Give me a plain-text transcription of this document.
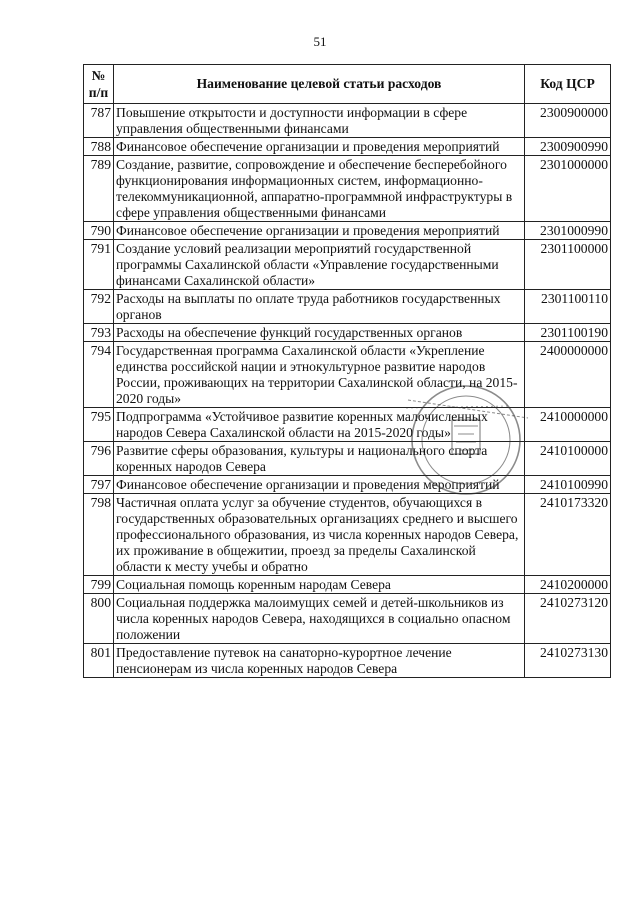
51
№ п/п	Наименование целевой статьи расходов	Код ЦСР
787	Повышение открытости и доступности информации в сфере управления общественными финансами	2300900000
788	Финансовое обеспечение организации и проведения мероприятий	2300900990
789	Создание, развитие, сопровождение и обеспечение бесперебойного функционирования информационных систем, информационно-телекоммуникационной, аппаратно-программной инфраструктуры в сфере управления общественными финансами	2301000000
790	Финансовое обеспечение организации и проведения мероприятий	2301000990
791	Создание условий реализации мероприятий государственной программы Сахалинской области «Управление государственными финансами Сахалинской области»	2301100000
792	Расходы на выплаты по оплате труда работников государственных органов	2301100110
793	Расходы на обеспечение функций государственных органов	2301100190
794	Государственная программа Сахалинской области «Укрепление единства российской нации и этнокультурное развитие народов России, проживающих на территории Сахалинской области, на 2015-2020 годы»	2400000000
795	Подпрограмма «Устойчивое развитие коренных малочисленных народов Севера Сахалинской области на 2015-2020 годы»	2410000000
796	Развитие сферы образования, культуры и национального спорта коренных народов Севера	2410100000
797	Финансовое обеспечение организации и проведения мероприятий	2410100990
798	Частичная оплата услуг за обучение студентов, обучающихся в государственных образовательных организациях среднего и высшего профессионального образования, из числа коренных народов Севера, их проживание в общежитии, проезд за пределы Сахалинской области к месту учебы и обратно	2410173320
799	Социальная помощь коренным народам Севера	2410200000
800	Социальная поддержка малоимущих семей и детей-школьников из числа коренных народов Севера, находящихся в социально опасном положении	2410273120
801	Предоставление путевок на санаторно-курортное лечение пенсионерам из числа коренных народов Севера	2410273130
